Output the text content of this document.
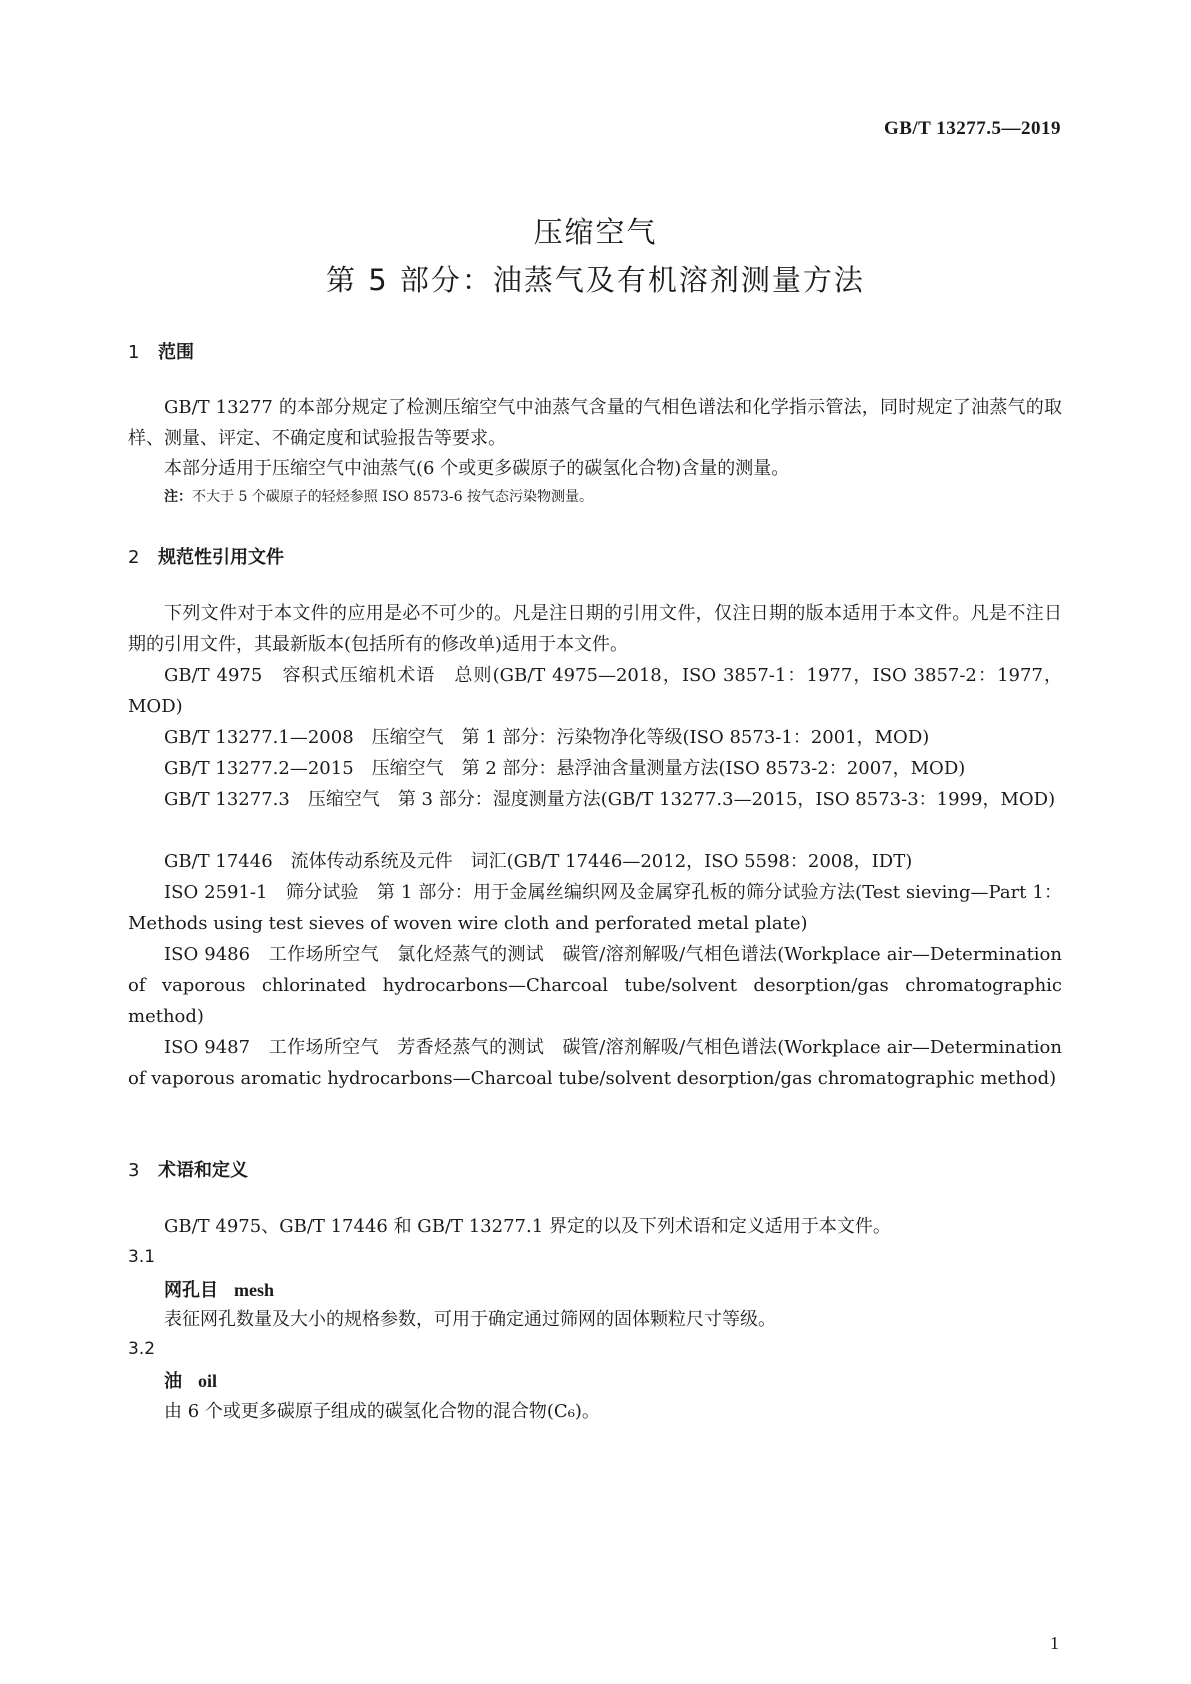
GB/T 13277.5—2019
压缩空气
第 5 部分：油蒸气及有机溶剂测量方法
1 范围
GB/T 13277 的本部分规定了检测压缩空气中油蒸气含量的气相色谱法和化学指示管法，同时规定了油蒸气的取样、测量、评定、不确定度和试验报告等要求。
本部分适用于压缩空气中油蒸气(6 个或更多碳原子的碳氢化合物)含量的测量。
注：不大于 5 个碳原子的轻烃参照 ISO 8573-6 按气态污染物测量。
2 规范性引用文件
下列文件对于本文件的应用是必不可少的。凡是注日期的引用文件，仅注日期的版本适用于本文件。凡是不注日期的引用文件，其最新版本(包括所有的修改单)适用于本文件。
GB/T 4975　容积式压缩机术语　总则(GB/T 4975—2018，ISO 3857-1：1977，ISO 3857-2：1977，MOD)
GB/T 13277.1—2008　压缩空气　第 1 部分：污染物净化等级(ISO 8573-1：2001，MOD)
GB/T 13277.2—2015　压缩空气　第 2 部分：悬浮油含量测量方法(ISO 8573-2：2007，MOD)
GB/T 13277.3　压缩空气　第 3 部分：湿度测量方法(GB/T 13277.3—2015，ISO 8573-3：1999，MOD)
GB/T 17446　流体传动系统及元件　词汇(GB/T 17446—2012，ISO 5598：2008，IDT)
ISO 2591-1　筛分试验　第 1 部分：用于金属丝编织网及金属穿孔板的筛分试验方法(Test sieving—Part 1：Methods using test sieves of woven wire cloth and perforated metal plate)
ISO 9486　工作场所空气　氯化烃蒸气的测试　碳管/溶剂解吸/气相色谱法(Workplace air—Determination of vaporous chlorinated hydrocarbons—Charcoal tube/solvent desorption/gas chromatographic method)
ISO 9487　工作场所空气　芳香烃蒸气的测试　碳管/溶剂解吸/气相色谱法(Workplace air—Determination of vaporous aromatic hydrocarbons—Charcoal tube/solvent desorption/gas chromatographic method)
3 术语和定义
GB/T 4975、GB/T 17446 和 GB/T 13277.1 界定的以及下列术语和定义适用于本文件。
3.1
网孔目 mesh
表征网孔数量及大小的规格参数，可用于确定通过筛网的固体颗粒尺寸等级。
3.2
油 oil
由 6 个或更多碳原子组成的碳氢化合物的混合物(C₆)。
1
